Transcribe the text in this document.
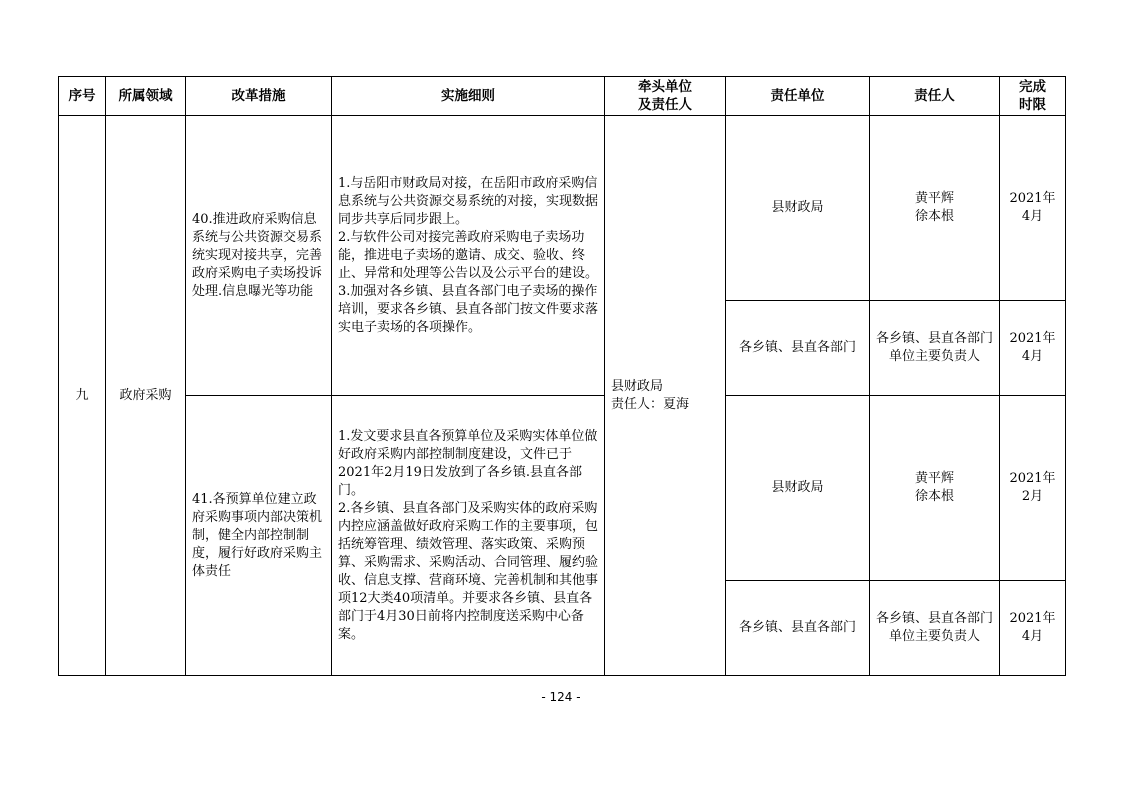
序号	所属领域	改革措施	实施细则	牵头单位
及责任人	责任单位	责任人	完成
时限
九	政府采购	40.推进政府采购信息系统与公共资源交易系统实现对接共享，完善政府采购电子卖场投诉处理.信息曝光等功能	1.与岳阳市财政局对接，在岳阳市政府采购信息系统与公共资源交易系统的对接，实现数据同步共享后同步跟上。
2.与软件公司对接完善政府采购电子卖场功能，推进电子卖场的邀请、成交、验收、终止、异常和处理等公告以及公示平台的建设。
3.加强对各乡镇、县直各部门电子卖场的操作培训，要求各乡镇、县直各部门按文件要求落实电子卖场的各项操作。	县财政局
责任人：夏海	县财政局	黄平辉
徐本根	2021年
4月
					各乡镇、县直各部门	各乡镇、县直各部门单位主要负责人	2021年
4月
		41.各预算单位建立政府采购事项内部决策机制，健全内部控制制度，履行好政府采购主体责任	1.发文要求县直各预算单位及采购实体单位做好政府采购内部控制制度建设，文件已于2021年2月19日发放到了各乡镇.县直各部门。
2.各乡镇、县直各部门及采购实体的政府采购内控应涵盖做好政府采购工作的主要事项，包括统筹管理、绩效管理、落实政策、采购预算、采购需求、采购活动、合同管理、履约验收、信息支撑、营商环境、完善机制和其他事项12大类40项清单。并要求各乡镇、县直各部门于4月30日前将内控制度送采购中心备案。		县财政局	黄平辉
徐本根	2021年
2月
					各乡镇、县直各部门	各乡镇、县直各部门单位主要负责人	2021年
4月
- 124 -
